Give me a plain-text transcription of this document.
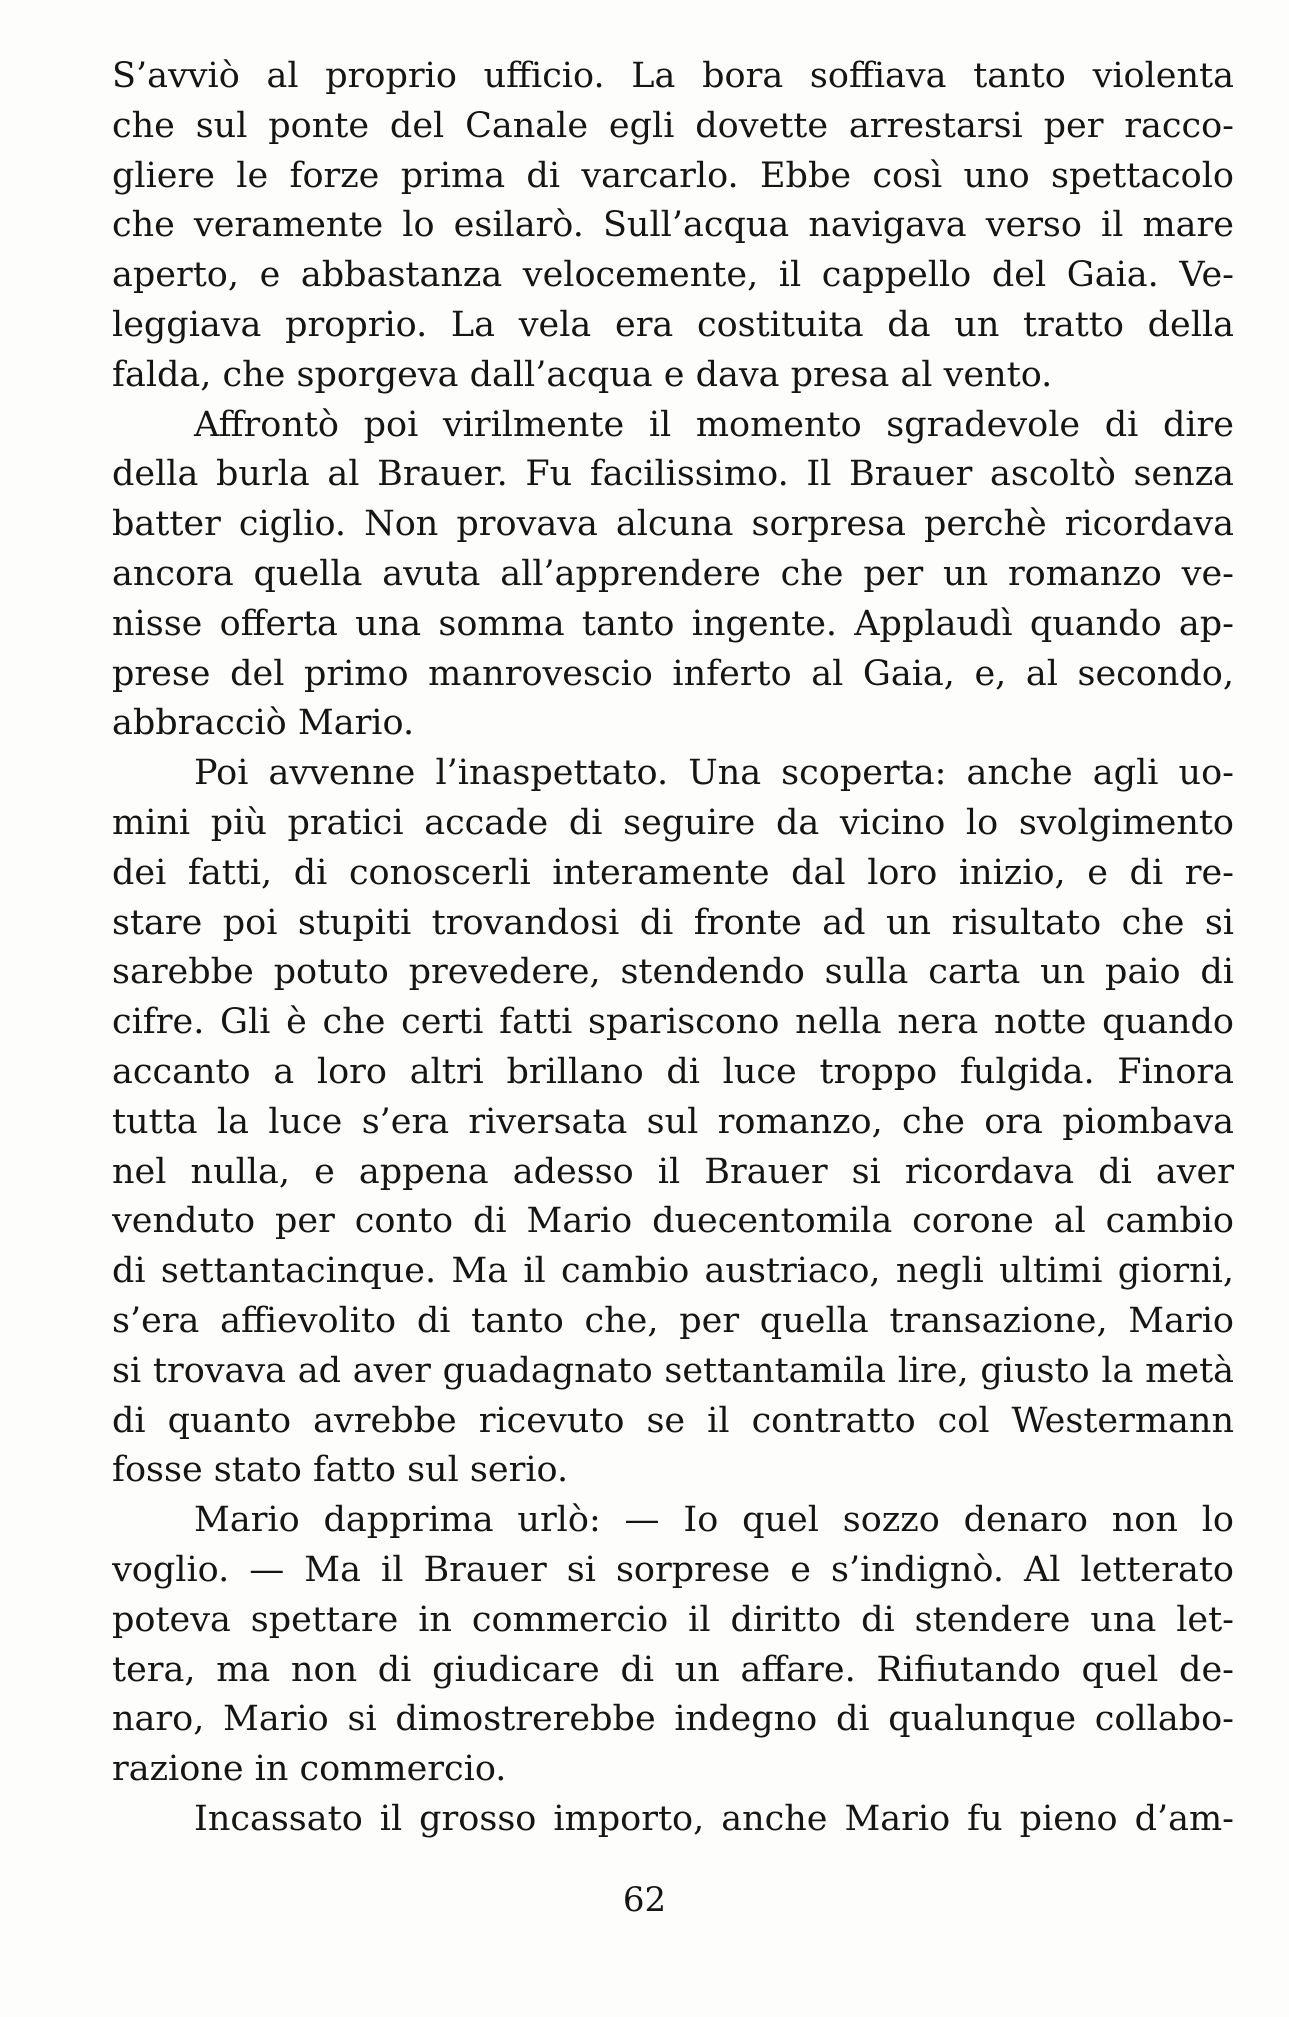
S’avviò al proprio ufficio. La bora soffiava tanto violenta
che sul ponte del Canale egli dovette arrestarsi per racco-
gliere le forze prima di varcarlo. Ebbe così uno spettacolo
che veramente lo esilarò. Sull’acqua navigava verso il mare
aperto, e abbastanza velocemente, il cappello del Gaia. Ve-
leggiava proprio. La vela era costituita da un tratto della
falda, che sporgeva dall’acqua e dava presa al vento.
Affrontò poi virilmente il momento sgradevole di dire
della burla al Brauer. Fu facilissimo. Il Brauer ascoltò senza
batter ciglio. Non provava alcuna sorpresa perchè ricordava
ancora quella avuta all’apprendere che per un romanzo ve-
nisse offerta una somma tanto ingente. Applaudì quando ap-
prese del primo manrovescio inferto al Gaia, e, al secondo,
abbracciò Mario.
Poi avvenne l’inaspettato. Una scoperta: anche agli uo-
mini più pratici accade di seguire da vicino lo svolgimento
dei fatti, di conoscerli interamente dal loro inizio, e di re-
stare poi stupiti trovandosi di fronte ad un risultato che si
sarebbe potuto prevedere, stendendo sulla carta un paio di
cifre. Gli è che certi fatti spariscono nella nera notte quando
accanto a loro altri brillano di luce troppo fulgida. Finora
tutta la luce s’era riversata sul romanzo, che ora piombava
nel nulla, e appena adesso il Brauer si ricordava di aver
venduto per conto di Mario duecentomila corone al cambio
di settantacinque. Ma il cambio austriaco, negli ultimi giorni,
s’era affievolito di tanto che, per quella transazione, Mario
si trovava ad aver guadagnato settantamila lire, giusto la metà
di quanto avrebbe ricevuto se il contratto col Westermann
fosse stato fatto sul serio.
Mario dapprima urlò: — Io quel sozzo denaro non lo
voglio. — Ma il Brauer si sorprese e s’indignò. Al letterato
poteva spettare in commercio il diritto di stendere una let-
tera, ma non di giudicare di un affare. Rifiutando quel de-
naro, Mario si dimostrerebbe indegno di qualunque collabo-
razione in commercio.
Incassato il grosso importo, anche Mario fu pieno d’am-
62
